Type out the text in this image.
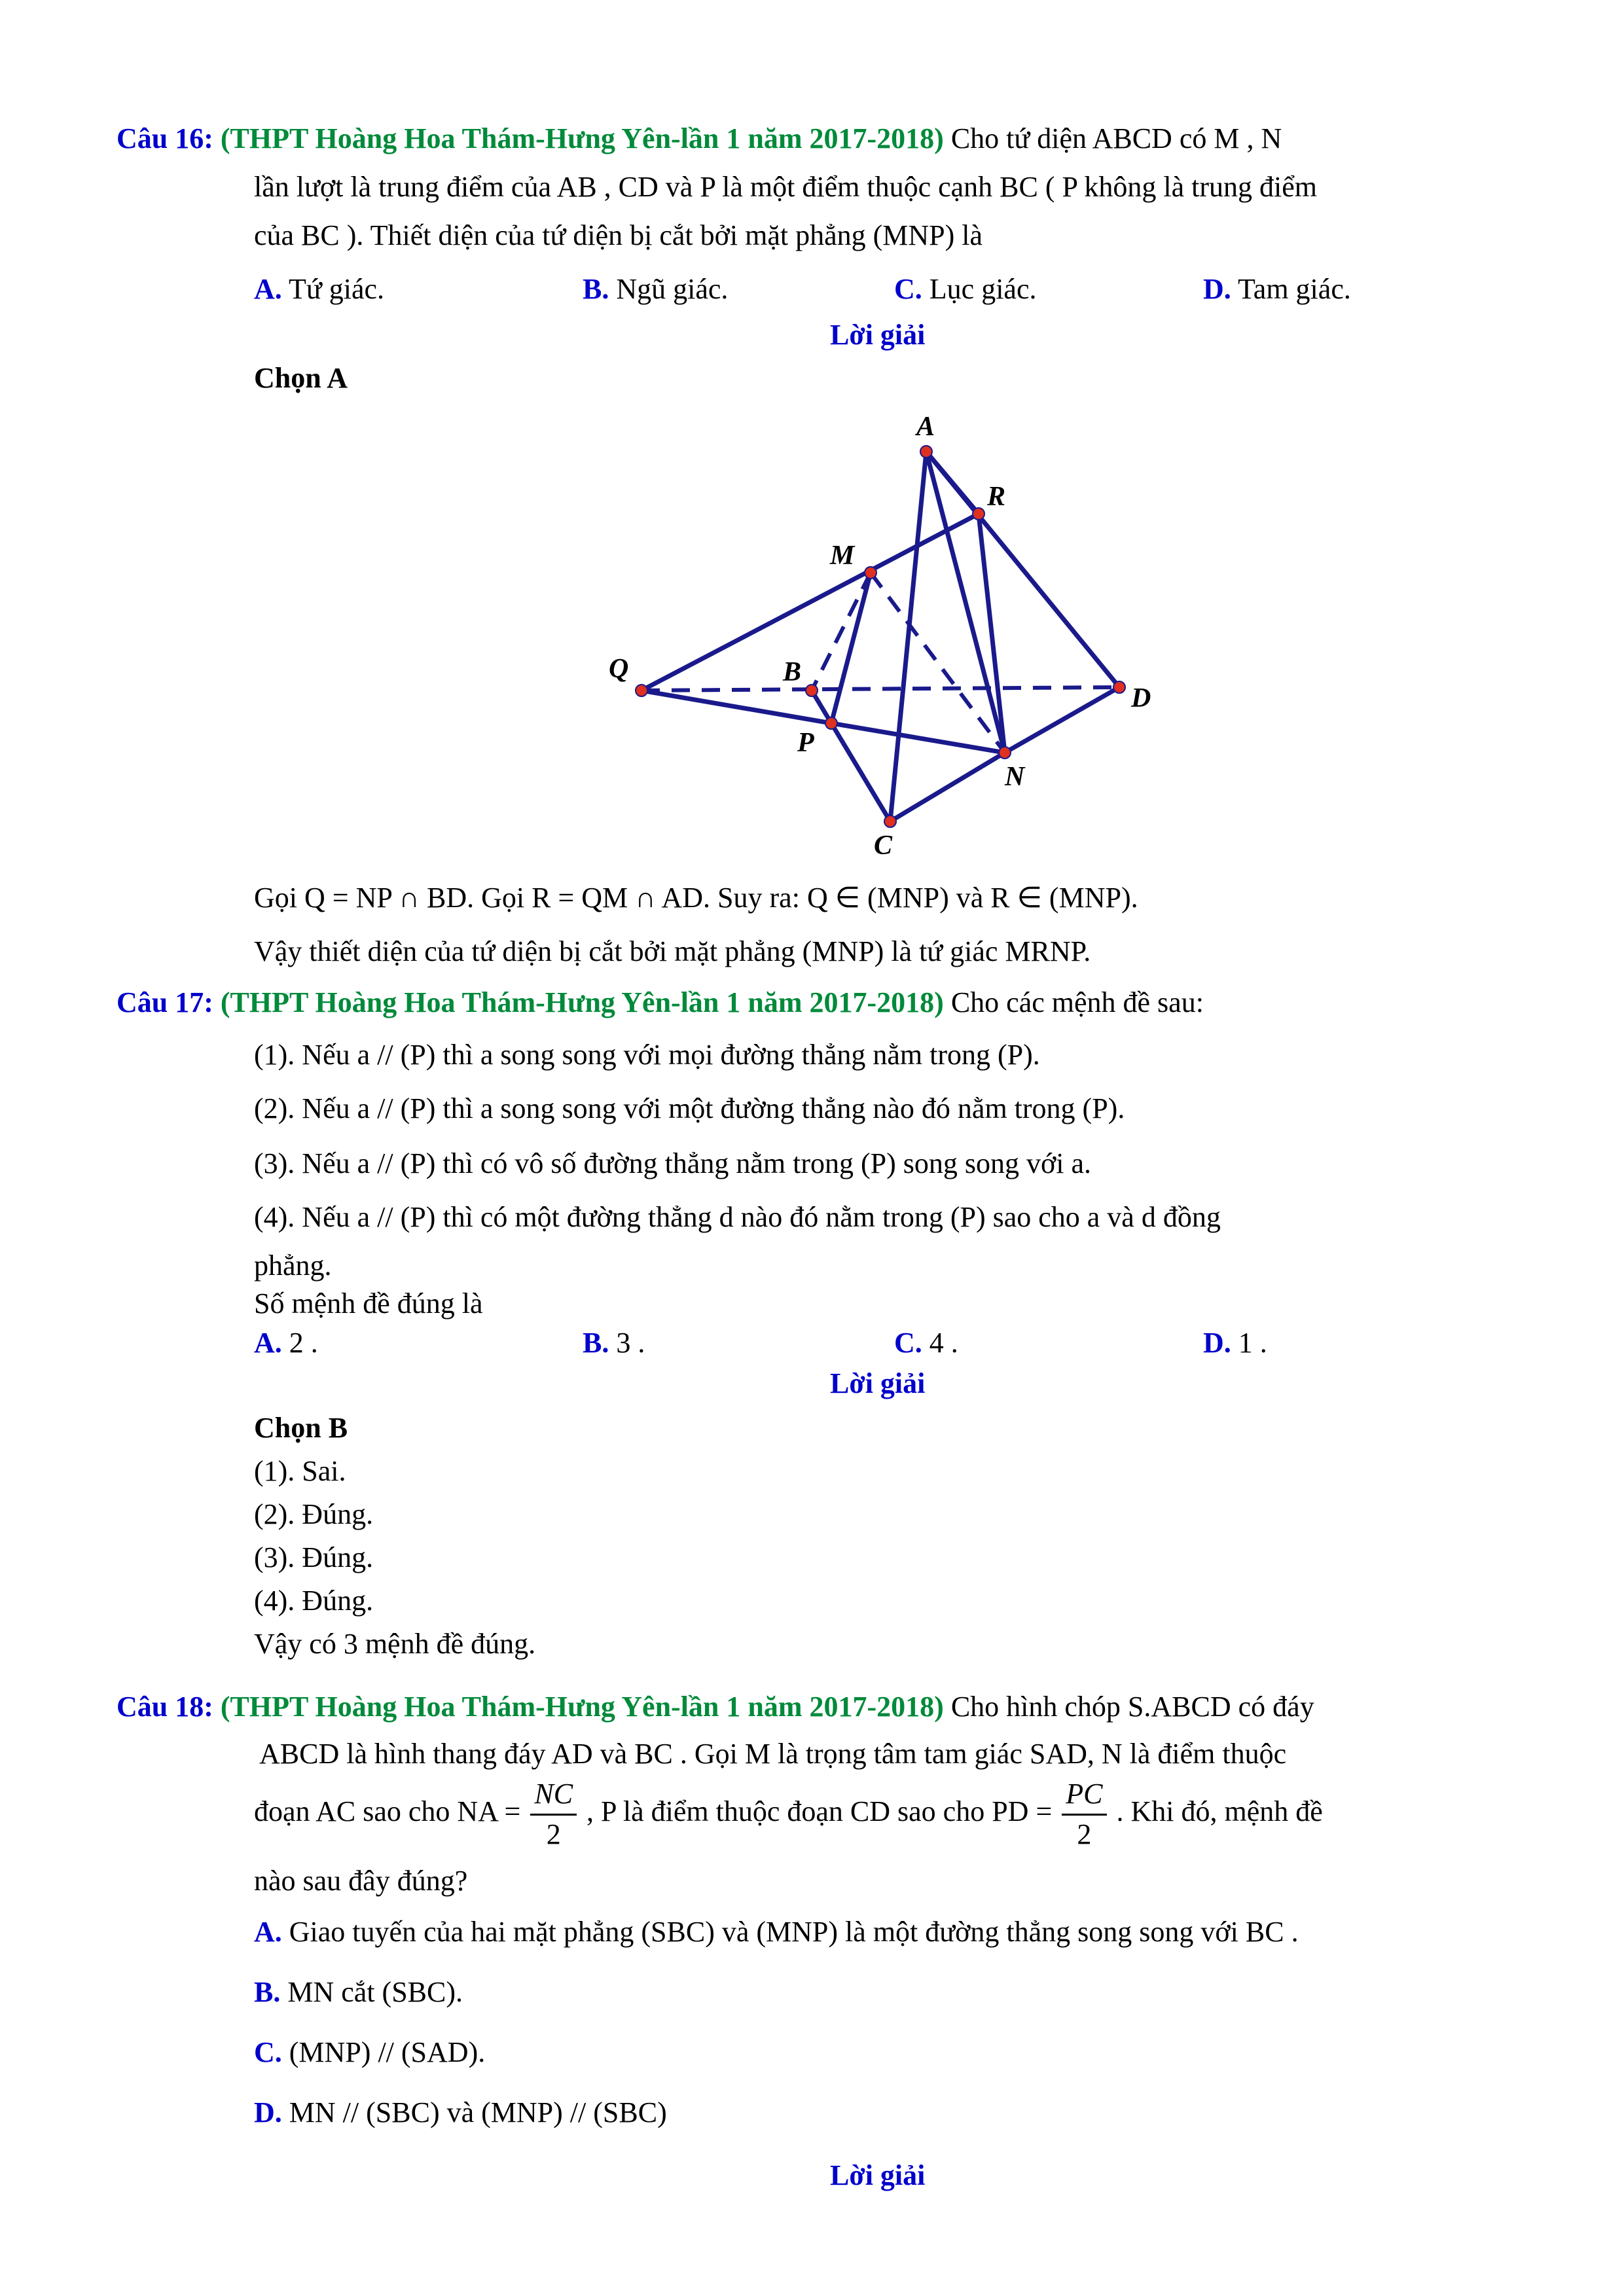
Câu 16: (THPT Hoàng Hoa Thám-Hưng Yên-lần 1 năm 2017-2018) Cho tứ diện ABCD có M , N
lần lượt là trung điểm của AB , CD và P là một điểm thuộc cạnh BC ( P không là trung điểm
của BC ). Thiết diện của tứ diện bị cắt bởi mặt phẳng (MNP) là
A. Tứ giác.	B. Ngũ giác.	C. Lục giác.	D. Tam giác.
Lời giải
Chọn A
A
R
M
Q	B
D
P
N
C
Gọi Q = NP ∩ BD. Gọi R = QM ∩ AD. Suy ra: Q ∈ (MNP) và R ∈ (MNP).
Vậy thiết diện của tứ diện bị cắt bởi mặt phẳng (MNP) là tứ giác MRNP.
Câu 17: (THPT Hoàng Hoa Thám-Hưng Yên-lần 1 năm 2017-2018) Cho các mệnh đề sau:
(1). Nếu a // (P) thì a song song với mọi đường thẳng nằm trong (P).
(2). Nếu a // (P) thì a song song với một đường thẳng nào đó nằm trong (P).
(3). Nếu a // (P) thì có vô số đường thẳng nằm trong (P) song song với a.
(4). Nếu a // (P) thì có một đường thẳng d nào đó nằm trong (P) sao cho a và d đồng
phẳng.
Số mệnh đề đúng là
A. 2 .	B. 3 .	C. 4 .	D. 1 .
Lời giải
Chọn B
(1). Sai.
(2). Đúng.
(3). Đúng.
(4). Đúng.
Vậy có 3 mệnh đề đúng.
Câu 18: (THPT Hoàng Hoa Thám-Hưng Yên-lần 1 năm 2017-2018) Cho hình chóp S.ABCD có đáy
ABCD là hình thang đáy AD và BC . Gọi M là trọng tâm tam giác SAD, N là điểm thuộc
đoạn AC sao cho NA = $\frac{NC}{2}$ , P là điểm thuộc đoạn CD sao cho PD = $\frac{PC}{2}$ . Khi đó, mệnh đề
nào sau đây đúng?
A. Giao tuyến của hai mặt phẳng (SBC) và (MNP) là một đường thẳng song song với BC .
B. MN cắt (SBC).
C. (MNP) // (SAD).
D. MN // (SBC) và (MNP) // (SBC)
Lời giải
